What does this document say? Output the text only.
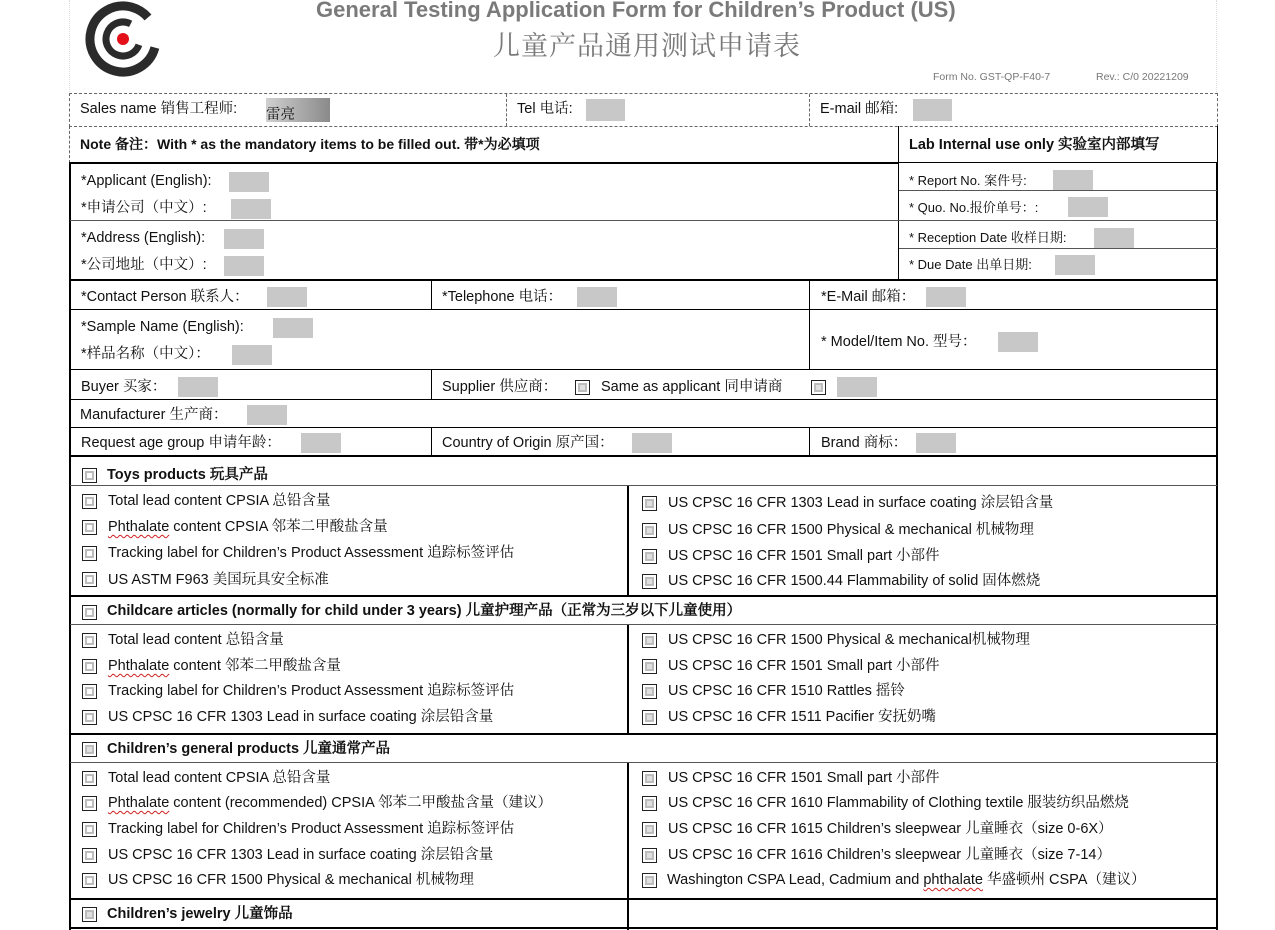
General Testing Application Form for Children’s Product (US)
儿童产品通用测试申请表
Form No. GST-QP-F40-7	Rev.: C/0 20221209
Sales name 销售工程师: 雷亮	Tel 电话:	E-mail 邮箱:
Note 备注：With * as the mandatory items to be filled out. 带*为必填项	Lab Internal use only 实验室内部填写
*Applicant (English):
*申请公司（中文）:
*Address (English):
*公司地址（中文）:
* Report No. 案件号:
* Quo. No.报价单号：:
* Reception Date 收样日期:
* Due Date 出单日期:
*Contact Person 联系人：	*Telephone 电话：	*E-Mail 邮箱：
*Sample Name (English):
*样品名称（中文）：
* Model/Item No. 型号：
Buyer 买家：	Supplier 供应商：	Same as applicant 同申请商
Manufacturer 生产商：
Request age group 申请年龄：	Country of Origin 原产国：	Brand 商标：
Toys products 玩具产品
Total lead content CPSIA 总铅含量
Phthalate content CPSIA 邻苯二甲酸盐含量
Tracking label for Children’s Product Assessment 追踪标签评估
US ASTM F963 美国玩具安全标准
US CPSC 16 CFR 1303 Lead in surface coating 涂层铅含量
US CPSC 16 CFR 1500 Physical & mechanical 机械物理
US CPSC 16 CFR 1501 Small part 小部件
US CPSC 16 CFR 1500.44 Flammability of solid 固体燃烧
Childcare articles (normally for child under 3 years) 儿童护理产品（正常为三岁以下儿童使用）
Total lead content 总铅含量
Phthalate content 邻苯二甲酸盐含量
Tracking label for Children’s Product Assessment 追踪标签评估
US CPSC 16 CFR 1303 Lead in surface coating 涂层铅含量
US CPSC 16 CFR 1500 Physical & mechanical机械物理
US CPSC 16 CFR 1501 Small part 小部件
US CPSC 16 CFR 1510 Rattles 摇铃
US CPSC 16 CFR 1511 Pacifier 安抚奶嘴
Children’s general products 儿童通常产品
Total lead content CPSIA 总铅含量
Phthalate content (recommended) CPSIA 邻苯二甲酸盐含量（建议）
Tracking label for Children’s Product Assessment 追踪标签评估
US CPSC 16 CFR 1303 Lead in surface coating 涂层铅含量
US CPSC 16 CFR 1500 Physical & mechanical 机械物理
US CPSC 16 CFR 1501 Small part 小部件
US CPSC 16 CFR 1610 Flammability of Clothing textile 服装纺织品燃烧
US CPSC 16 CFR 1615 Children’s sleepwear 儿童睡衣（size 0-6X）
US CPSC 16 CFR 1616 Children’s sleepwear 儿童睡衣（size 7-14）
Washington CSPA Lead, Cadmium and phthalate 华盛顿州 CSPA（建议）
Children’s jewelry 儿童饰品
